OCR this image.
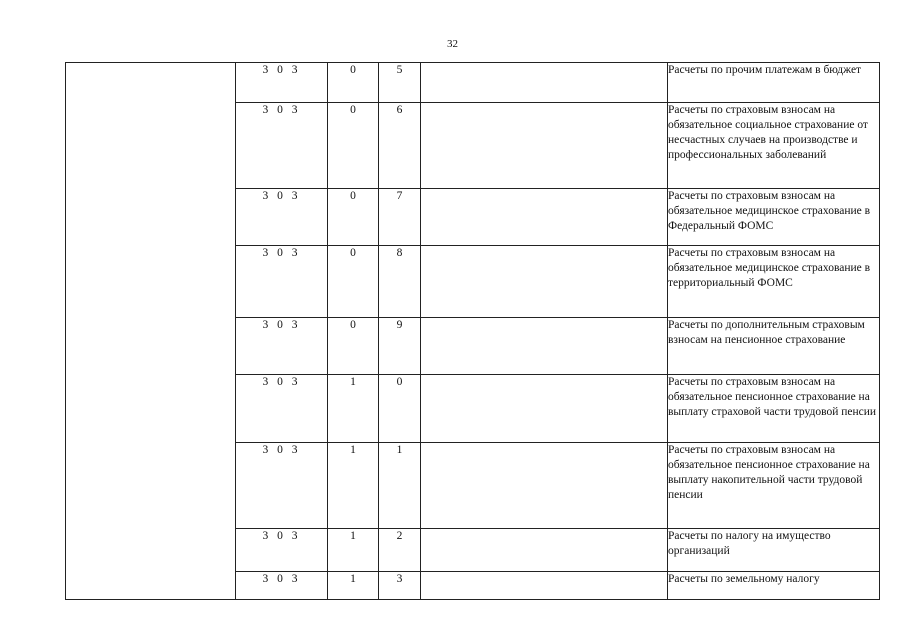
32
	3 0 3	0	5		Расчеты по прочим платежам в бюджет
	3 0 3	0	6		Расчеты по страховым взносам на обязательное социальное страхование от несчастных случаев на производстве и профессиональных заболеваний
	3 0 3	0	7		Расчеты по страховым взносам на обязательное медицинское страхование в Федеральный ФОМС
	3 0 3	0	8		Расчеты по страховым взносам на обязательное медицинское страхование в территориальный ФОМС
	3 0 3	0	9		Расчеты по дополнительным страховым взносам на пенсионное страхование
	3 0 3	1	0		Расчеты по страховым взносам на обязательное пенсионное страхование на выплату страховой части трудовой пенсии
	3 0 3	1	1		Расчеты по страховым взносам на обязательное пенсионное страхование на выплату накопительной части трудовой пенсии
	3 0 3	1	2		Расчеты по налогу на имущество организаций
	3 0 3	1	3		Расчеты по земельному налогу
